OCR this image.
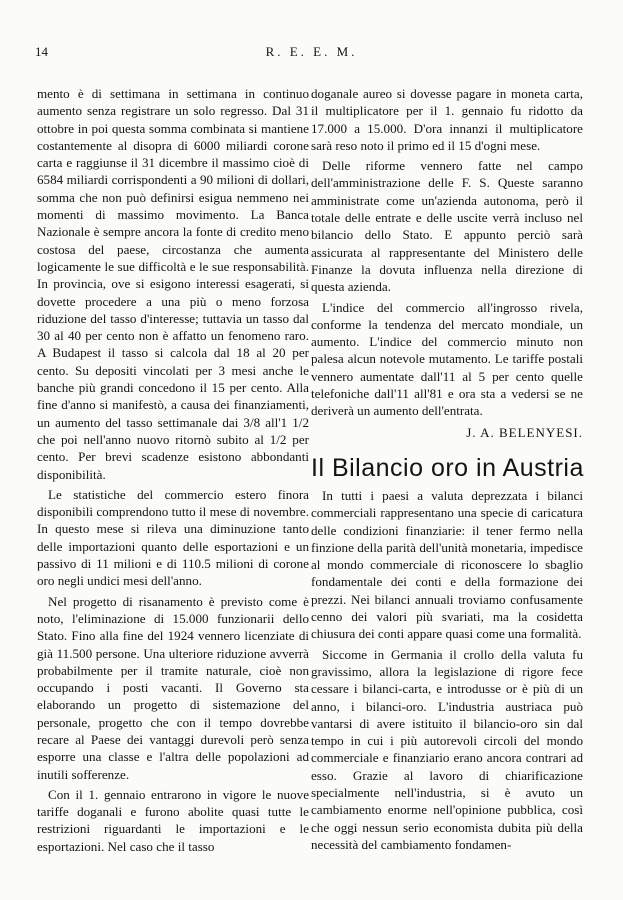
14	R. E. E. M.

mento è di settimana in settimana in continuo aumento senza registrare un solo regresso. Dal 31 ottobre in poi questa somma combinata si mantiene costantemente al disopra di 6000 miliardi corone carta e raggiunse il 31 dicembre il massimo cioè di 6584 miliardi corrispondenti a 90 milioni di dollari, somma che non può definirsi esigua nemmeno nei momenti di massimo movimento. La Banca Nazionale è sempre ancora la fonte di credito meno costosa del paese, circostanza che aumenta logicamente le sue difficoltà e le sue responsabilità. In provincia, ove si esigono interessi esagerati, si dovette procedere a una più o meno forzosa riduzione del tasso d'interesse; tuttavia un tasso dal 30 al 40 per cento non è affatto un fenomeno raro. A Budapest il tasso si calcola dal 18 al 20 per cento. Su depositi vincolati per 3 mesi anche le banche più grandi concedono il 15 per cento. Alla fine d'anno si manifestò, a causa dei finanziamenti, un aumento del tasso settimanale dai 3/8 all'1 1/2 che poi nell'anno nuovo ritornò subito al 1/2 per cento. Per brevi scadenze esistono abbondanti disponibilità.

Le statistiche del commercio estero finora disponibili comprendono tutto il mese di novembre. In questo mese si rileva una diminuzione tanto delle importazioni quanto delle esportazioni e un passivo di 11 milioni e di 110.5 milioni di corone oro negli undici mesi dell'anno.

Nel progetto di risanamento è previsto come è noto, l'eliminazione di 15.000 funzionarii dello Stato. Fino alla fine del 1924 vennero licenziate di già 11.500 persone. Una ulteriore riduzione avverrà probabilmente per il tramite naturale, cioè non occupando i posti vacanti. Il Governo sta elaborando un progetto di sistemazione del personale, progetto che con il tempo dovrebbe recare al Paese dei vantaggi durevoli però senza esporre una classe e l'altra delle popolazioni ad inutili sofferenze.

Con il 1. gennaio entrarono in vigore le nuove tariffe doganali e furono abolite quasi tutte le restrizioni riguardanti le importazioni e le esportazioni. Nel caso che il tasso

doganale aureo si dovesse pagare in moneta carta, il multiplicatore per il 1. gennaio fu ridotto da 17.000 a 15.000. D'ora innanzi il multiplicatore sarà reso noto il primo ed il 15 d'ogni mese.

Delle riforme vennero fatte nel campo dell'amministrazione delle F. S. Queste saranno amministrate come un'azienda autonoma, però il totale delle entrate e delle uscite verrà incluso nel bilancio dello Stato. E appunto perciò sarà assicurata al rappresentante del Ministero delle Finanze la dovuta influenza nella direzione di questa azienda.

L'indice del commercio all'ingrosso rivela, conforme la tendenza del mercato mondiale, un aumento. L'indice del commercio minuto non palesa alcun notevole mutamento. Le tariffe postali vennero aumentate dall'11 al 5 per cento quelle telefoniche dall'11 all'81 e ora sta a vedersi se ne deriverà un aumento dell'entrata.

J. A. BELENYESI.
Il Bilancio oro in Austria

In tutti i paesi a valuta deprezzata i bilanci commerciali rappresentano una specie di caricatura delle condizioni finanziarie: il tener fermo nella finzione della parità dell'unità monetaria, impedisce al mondo commerciale di riconoscere lo sbaglio fondamentale dei conti e della formazione dei prezzi. Nei bilanci annuali troviamo confusamente cenno dei valori più svariati, ma la cosidetta chiusura dei conti appare quasi come una formalità.

Siccome in Germania il crollo della valuta fu gravissimo, allora la legislazione di rigore fece cessare i bilanci-carta, e introdusse or è più di un anno, i bilanci-oro. L'industria austriaca può vantarsi di avere istituito il bilancio-oro sin dal tempo in cui i più autorevoli circoli del mondo commerciale e finanziario erano ancora contrari ad esso. Grazie al lavoro di chiarificazione specialmente nell'industria, si è avuto un cambiamento enorme nell'opinione pubblica, così che oggi nessun serio economista dubita più della necessità del cambiamento fondamen-
